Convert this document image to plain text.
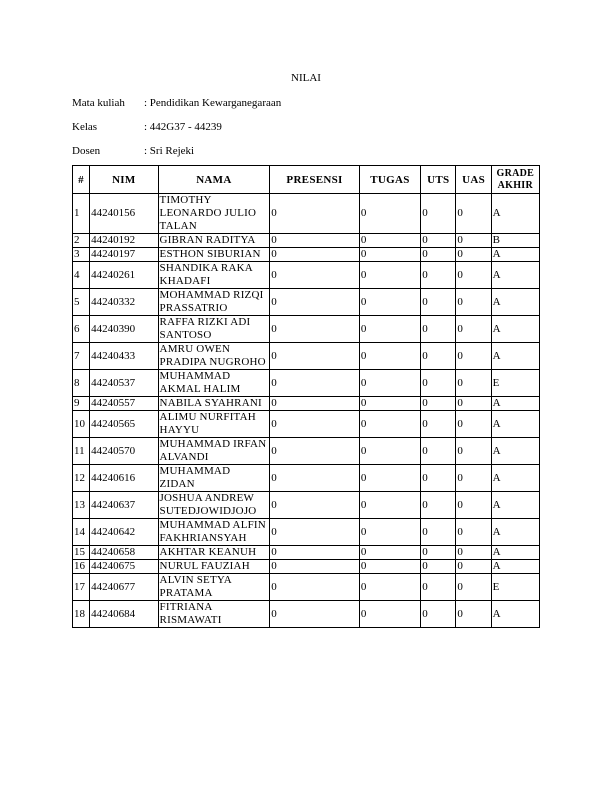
NILAI
Mata kuliah : Pendidikan Kewarganegaraan
Kelas	: 442G37 - 44239
Dosen	: Sri Rejeki
#	NIM	NAMA	PRESENSI	TUGAS	UTS	UAS	GRADE AKHIR
1	44240156	TIMOTHY LEONARDO JULIO TALAN	0	0	0	0	A
2	44240192	GIBRAN RADITYA	0	0	0	0	B
3	44240197	ESTHON SIBURIAN	0	0	0	0	A
4	44240261	SHANDIKA RAKA KHADAFI	0	0	0	0	A
5	44240332	MOHAMMAD RIZQI PRASSATRIO	0	0	0	0	A
6	44240390	RAFFA RIZKI ADI SANTOSO	0	0	0	0	A
7	44240433	AMRU OWEN PRADIPA NUGROHO	0	0	0	0	A
8	44240537	MUHAMMAD AKMAL HALIM	0	0	0	0	E
9	44240557	NABILA SYAHRANI	0	0	0	0	A
10	44240565	ALIMU NURFITAH HAYYU	0	0	0	0	A
11	44240570	MUHAMMAD IRFAN ALVANDI	0	0	0	0	A
12	44240616	MUHAMMAD ZIDAN	0	0	0	0	A
13	44240637	JOSHUA ANDREW SUTEDJOWIDJOJO	0	0	0	0	A
14	44240642	MUHAMMAD ALFIN FAKHRIANSYAH	0	0	0	0	A
15	44240658	AKHTAR KEANUH	0	0	0	0	A
16	44240675	NURUL FAUZIAH	0	0	0	0	A
17	44240677	ALVIN SETYA PRATAMA	0	0	0	0	E
18	44240684	FITRIANA RISMAWATI	0	0	0	0	A
